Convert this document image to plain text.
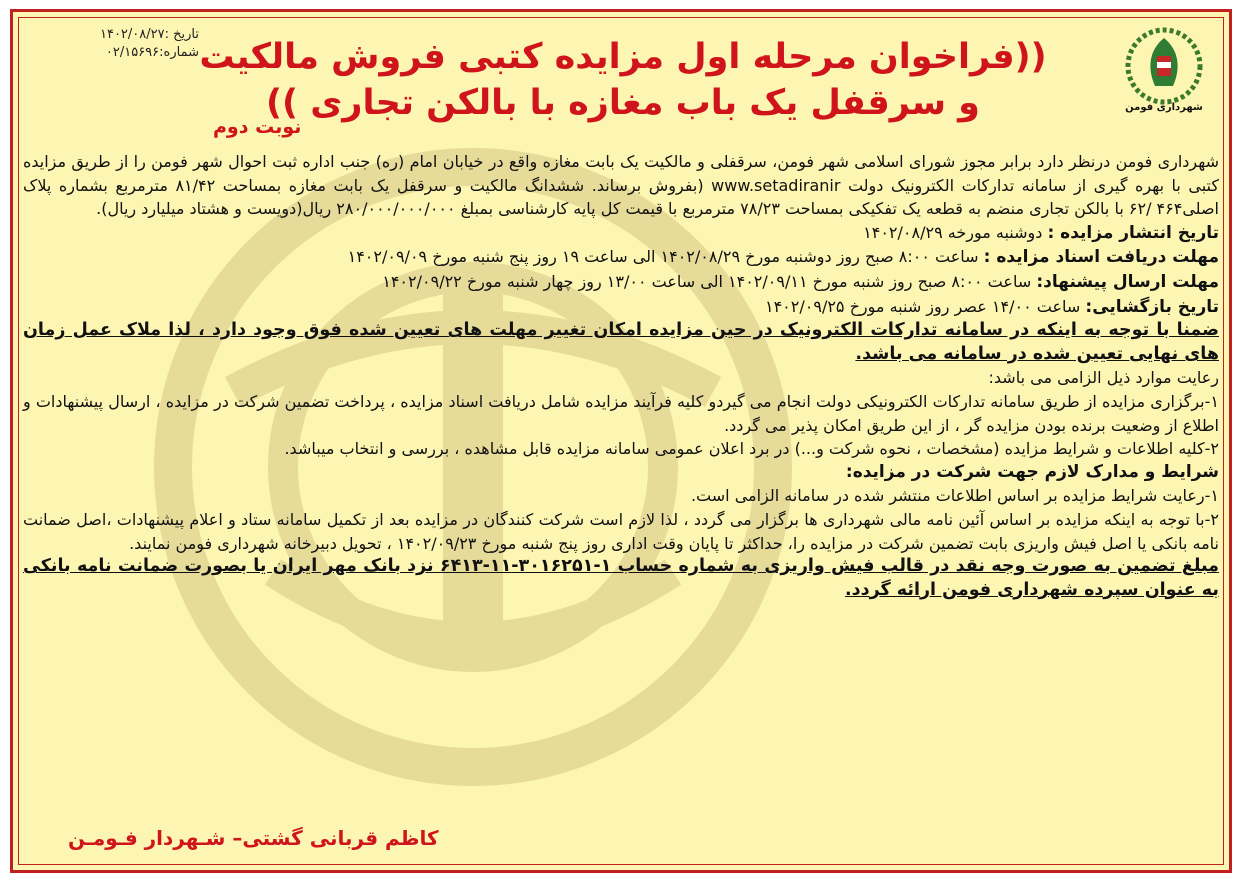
شهرداری فومن
تاریخ :۱۴۰۲/۰۸/۲۷
شماره:۰۲/۱۵۶۹۶ ((فراخوان مرحله اول مزایده کتبی فروش مالکیت
و سرقفل یک باب مغازه با بالکن تجاری ))
نوبت دوم

شهرداری فومن درنظر دارد برابر مجوز شورای اسلامی شهر فومن، سرقفلی و مالکیت یک بابت مغازه واقع در خیابان امام (ره) جنب اداره ثبت احوال شهر فومن را از طریق مزایده کتبی با بهره گیری از سامانه تدارکات الکترونیک دولت www.setadiranir (بفروش برساند. ششدانگ مالکیت و سرقفل یک بابت مغازه بمساحت ۸۱/۴۲ مترمربع بشماره پلاک اصلی۴۶۴ /۶۲ با بالکن تجاری منضم به قطعه یک تفکیکی بمساحت ۷۸/۲۳ مترمربع با قیمت کل پایه کارشناسی بمبلغ ۲۸۰/۰۰۰/۰۰۰/۰۰۰ ریال(دویست و هشتاد میلیارد ریال).

تاریخ انتشار مزایده : دوشنبه مورخه ۱۴۰۲/۰۸/۲۹

مهلت دریافت اسناد مزایده : ساعت ۸:۰۰ صبح روز دوشنبه مورخ ۱۴۰۲/۰۸/۲۹ الی ساعت ۱۹ روز پنج شنبه مورخ ۱۴۰۲/۰۹/۰۹

مهلت ارسال پیشنهاد: ساعت ۸:۰۰ صبح روز شنبه مورخ ۱۴۰۲/۰۹/۱۱ الی ساعت ۱۳/۰۰ روز چهار شنبه مورخ ۱۴۰۲/۰۹/۲۲

تاریخ بازگشایی: ساعت ۱۴/۰۰ عصر روز شنبه مورخ ۱۴۰۲/۰۹/۲۵

ضمنا با توجه به اینکه در سامانه تدارکات الکترونیک در حین مزایده امکان تغییر مهلت های تعیین شده فوق وجود دارد ، لذا ملاک عمل زمان های نهایی تعیین شده در سامانه می باشد.

رعایت موارد ذیل الزامی می باشد:

۱-برگزاری مزایده از طریق سامانه تدارکات الکترونیکی دولت انجام می گیردو کلیه فرآیند مزایده شامل دریافت اسناد مزایده ، پرداخت تضمین شرکت در مزایده ، ارسال پیشنهادات و اطلاع از وضعیت برنده بودن مزایده گر ، از این طریق امکان پذیر می گردد.

۲-کلیه اطلاعات و شرایط مزایده (مشخصات ، نحوه شرکت و...) در برد اعلان عمومی سامانه مزایده قابل مشاهده ، بررسی و انتخاب میباشد.

شرایط و مدارک لازم جهت شرکت در مزایده:

۱-رعایت شرایط مزایده بر اساس اطلاعات منتشر شده در سامانه الزامی است.

۲-با توجه به اینکه مزایده بر اساس آئین نامه مالی شهرداری ها برگزار می گردد ، لذا لازم است شرکت کنندگان در مزایده بعد از تکمیل سامانه ستاد و اعلام پیشنهادات ،اصل ضمانت نامه بانکی یا اصل فیش واریزی بابت تضمین شرکت در مزایده را، حداکثر تا پایان وقت اداری روز پنج شنبه مورخ ۱۴۰۲/۰۹/۲۳ ، تحویل دبیرخانه شهرداری فومن نمایند.

مبلغ تضمین به صورت وجه نقد در قالب فیش واریزی به شماره حساب ۱-۳۰۱۶۲۵۱-۱۱-۶۴۱۳ نزد بانک مهر ایران یا بصورت ضمانت نامه بانکی به عنوان سپرده شهرداری فومن ارائه گردد.

کاظم قربانی گشتی– شـهردار فـومـن
